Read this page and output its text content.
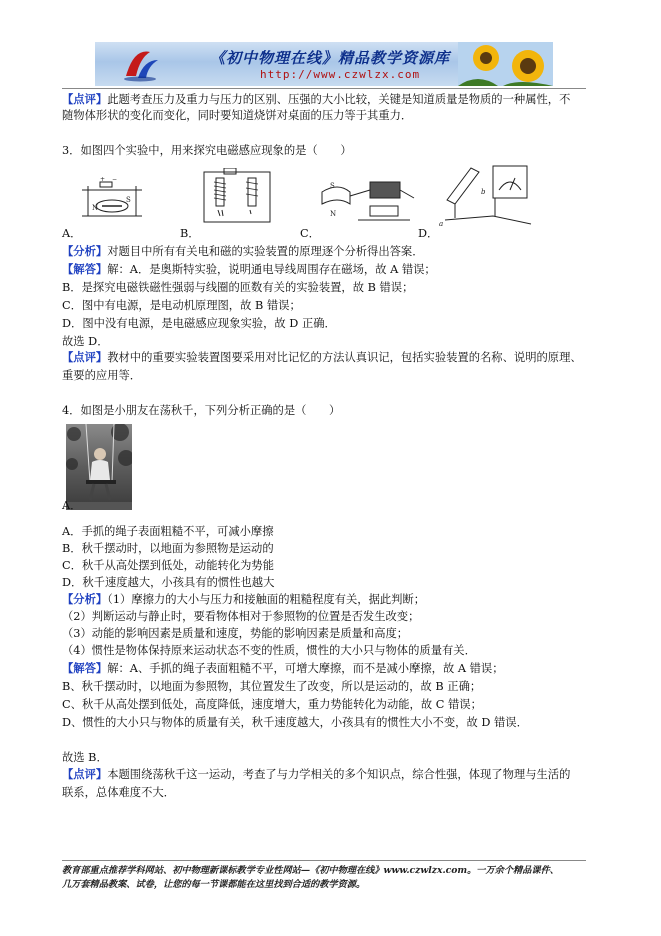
《初中物理在线》精品教学资源库
http://www.czwlzx.com
【点评】此题考查压力及重力与压力的区别、压强的大小比较，关键是知道质量是物质的一种属性，不
随物体形状的变化而变化，同时要知道烧饼对桌面的压力等于其重力．
3．如图四个实验中，用来探究电磁感应现象的是（　　）
+ −
N
S
A．	B．
S
N
C．
b
a
D．
【分析】对题目中所有有关电和磁的实验装置的原理逐个分析得出答案．
【解答】解：A．是奥斯特实验，说明通电导线周围存在磁场，故 A 错误；
B．是探究电磁铁磁性强弱与线圈的匝数有关的实验装置，故 B 错误；
C．图中有电源，是电动机原理图，故 B 错误；
D．图中没有电源，是电磁感应现象实验，故 D 正确．
故选 D．
【点评】教材中的重要实验装置图要采用对比记忆的方法认真识记，包括实验装置的名称、说明的原理、
重要的应用等．
4．如图是小朋友在荡秋千，下列分析正确的是（　　）
A．
A．手抓的绳子表面粗糙不平，可减小摩擦
B．秋千摆动时，以地面为参照物是运动的
C．秋千从高处摆到低处，动能转化为势能
D．秋千速度越大，小孩具有的惯性也越大
【分析】（1）摩擦力的大小与压力和接触面的粗糙程度有关，据此判断；
（2）判断运动与静止时，要看物体相对于参照物的位置是否发生改变；
（3）动能的影响因素是质量和速度，势能的影响因素是质量和高度；
（4）惯性是物体保持原来运动状态不变的性质，惯性的大小只与物体的质量有关．
【解答】解：A、手抓的绳子表面粗糙不平，可增大摩擦，而不是减小摩擦，故 A 错误；
B、秋千摆动时，以地面为参照物，其位置发生了改变，所以是运动的，故 B 正确；
C、秋千从高处摆到低处，高度降低，速度增大，重力势能转化为动能，故 C 错误；
D、惯性的大小只与物体的质量有关，秋千速度越大，小孩具有的惯性大小不变，故 D 错误．
故选 B．
【点评】本题围绕荡秋千这一运动，考查了与力学相关的多个知识点，综合性强，体现了物理与生活的
联系，总体难度不大．
教育部重点推荐学科网站、初中物理新课标教学专业性网站—《初中物理在线》www.czwlzx.com。一万余个精品课件、
几万套精品教案、试卷，让您的每一节课都能在这里找到合适的教学资源。
